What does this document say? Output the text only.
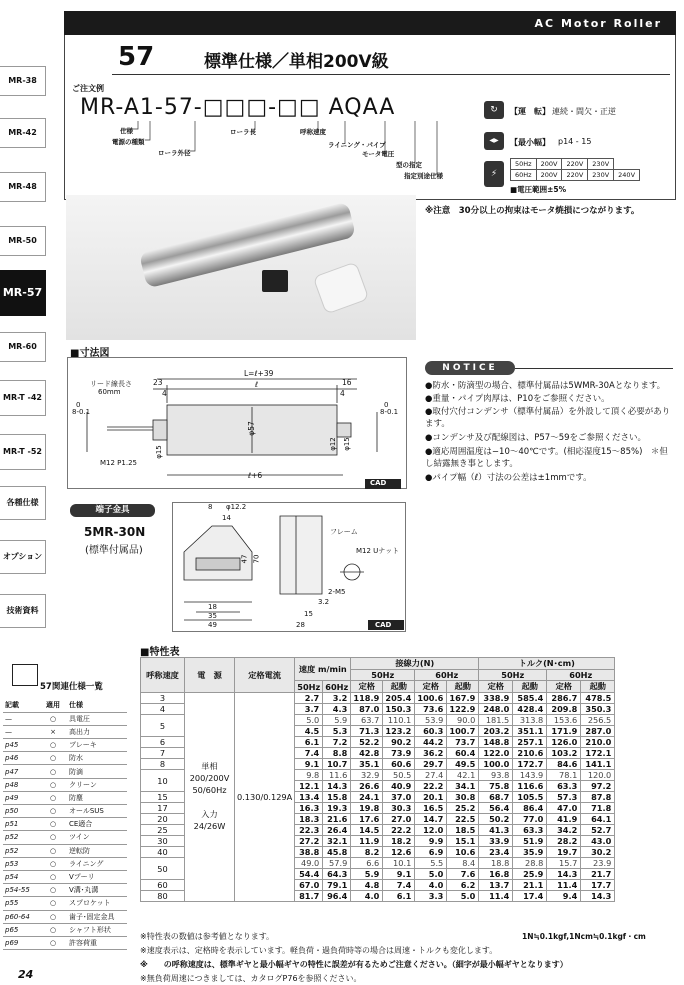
MR-38
MR-42
MR-48
MR-50
MR-57
MR-60
MR-T -42
MR-T -52
各種仕様
オプション
技術資料
AC Motor Roller
57	標準仕様／単相200V級
ご注文例
MR-A1-57-□□□-□□ AQAA
仕様
電源の種類
ローラ外径
ローラ長	呼称速度
ライニング・パイプ
モータ電圧
型の指定
指定別途仕様
↻	【運　転】 連続・間欠・正逆
◀▶	【最小幅】 p14 - 15
⚡
50Hz	200V	220V	230V	
60Hz	200V	220V	230V	240V
■電圧範囲±5%
※注意　30分以上の拘束はモータ焼損につながります。
■寸法図
リード線長さ
60mm
L=ℓ+39
ℓ
23
4	4
16
φ57
φ15
φ12 φ15
M12 P1.25
0
8-0.1
0
8-0.1
ℓ+6
CAD
NOTICE
●防水・防滴型の場合、標準付属品は5WMR-30Aとなります。
●重量・パイプ肉厚は、P10をご参照ください。
●取付穴付コンデンサ（標準付属品）を外設して頂く必要があります。
●コンデンサ及び配線図は、P57～59をご参照ください。
●適応周囲温度は−10～40℃です。(相応湿度15～85%)　＊但し結露無き事とします。
●パイプ幅（ℓ）寸法の公差は±1mmです。
端子金具
5MR-30N
(標準付属品)
8 φ12.2
14
47 70
18
35
49
フレーム
M12 Uナット
2-M5
3.2
15
28	CAD
57関連仕様一覧
記載	適用	仕様
—	○	具電圧
—	×	高出力
p45	○	ブレーキ
p46	○	防水
p47	○	防滴
p48	○	クリーン
p49	○	防塵
p50	○	オールSUS
p51	○	CE適合
p52	○	ツイン
p52	○	逆転防
p53	○	ライニング
p54	○	Vプーリ
p54-55	○	V溝･丸溝
p55	○	スプロケット
p60-64	○	歯子･固定金具
p65	○	シャフト形状
p69	○	許容荷重
■特性表
呼称速度	電　源	定格電流	速度 m/min		接線力(N)				トルク(N･cm)			
					50Hz		60Hz		50Hz		60Hz	
			50Hz	60Hz	定格	起動	定格	起動	定格	起動	定格	起動
3	単相
200/200V
50/60Hz
入力
24/26W	0.130/0.129A	2.7	3.2	118.9	205.4	100.6	167.9	338.9	585.4	286.7	478.5
4			3.7	4.3	87.0	150.3	73.6	122.9	248.0	428.4	209.8	350.3
5			5.0	5.9	63.7	110.1	53.9	90.0	181.5	313.8	153.6	256.5
			4.5	5.3	71.3	123.2	60.3	100.7	203.2	351.1	171.9	287.0
6			6.1	7.2	52.2	90.2	44.2	73.7	148.8	257.1	126.0	210.0
7			7.4	8.8	42.8	73.9	36.2	60.4	122.0	210.6	103.2	172.1
8			9.1	10.7	35.1	60.6	29.7	49.5	100.0	172.7	84.6	141.1
10			9.8	11.6	32.9	50.5	27.4	42.1	93.8	143.9	78.1	120.0
			12.1	14.3	26.6	40.9	22.2	34.1	75.8	116.6	63.3	97.2
15			13.4	15.8	24.1	37.0	20.1	30.8	68.7	105.5	57.3	87.8
17			16.3	19.3	19.8	30.3	16.5	25.2	56.4	86.4	47.0	71.8
20			18.3	21.6	17.6	27.0	14.7	22.5	50.2	77.0	41.9	64.1
25			22.3	26.4	14.5	22.2	12.0	18.5	41.3	63.3	34.2	52.7
30			27.2	32.1	11.9	18.2	9.9	15.1	33.9	51.9	28.2	43.0
40			38.8	45.8	8.2	12.6	6.9	10.6	23.4	35.9	19.7	30.2
50			49.0	57.9	6.6	10.1	5.5	8.4	18.8	28.8	15.7	23.9
			54.4	64.3	5.9	9.1	5.0	7.6	16.8	25.9	14.3	21.7
60			67.0	79.1	4.8	7.4	4.0	6.2	13.7	21.1	11.4	17.7
80			81.7	96.4	4.0	6.1	3.3	5.0	11.4	17.4	9.4	14.3
※特性表の数値は参考値となります。
※速度表示は、定格時を表示しています。軽負荷・過負荷時等の場合は周速・トルクも変化します。
※　　の呼称速度は、標準ギヤと最小幅ギヤの特性に誤差が有るためご注意ください。（細字が最小幅ギヤとなります）
※無負荷周速につきましては、カタログP76を参照ください。
1N≒0.1kgf,1Ncm≒0.1kgf・cm
24
